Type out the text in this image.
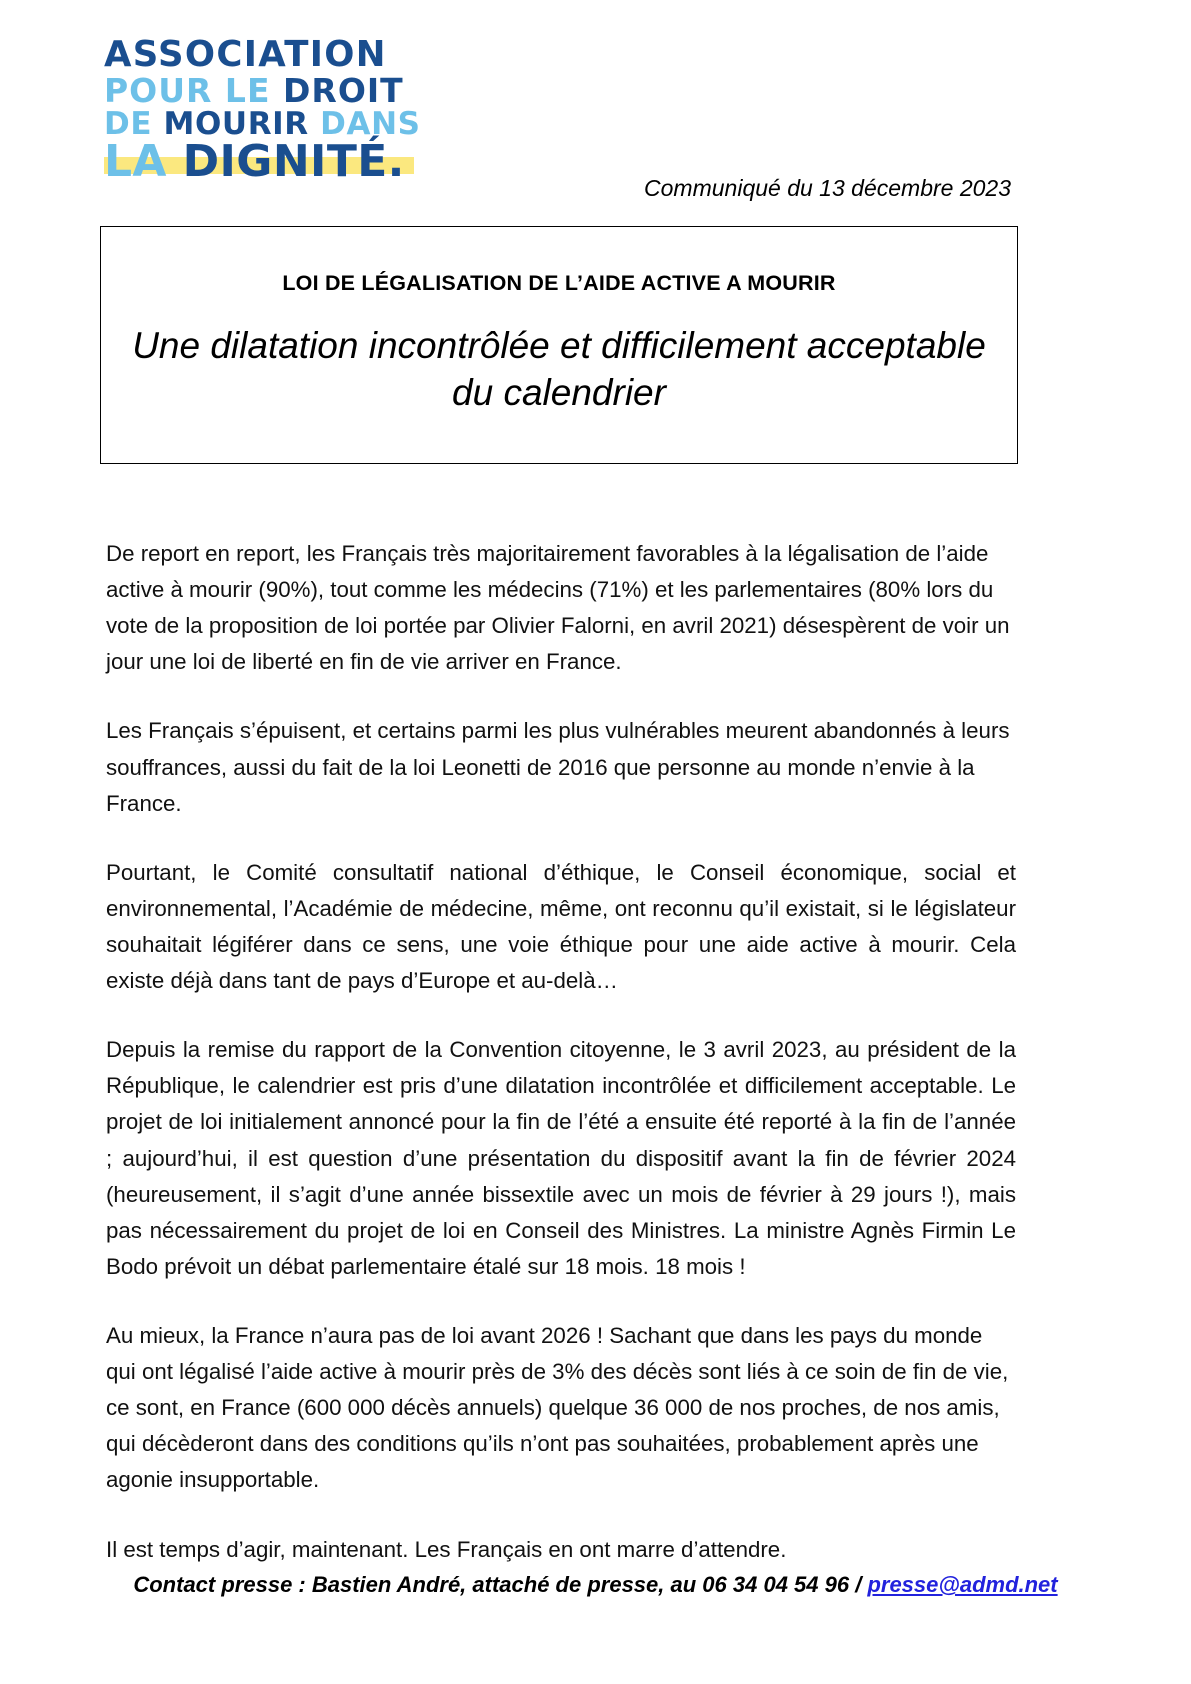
ASSOCIATION
POUR LE DROIT
DE MOURIR DANS
LA DIGNITÉ.
Communiqué du 13 décembre 2023
LOI DE LÉGALISATION DE L’AIDE ACTIVE A MOURIR
Une dilatation incontrôlée et difficilement acceptable du calendrier

De report en report, les Français très majoritairement favorables à la légalisation de l’aide active à mourir (90%), tout comme les médecins (71%) et les parlementaires (80% lors du vote de la proposition de loi portée par Olivier Falorni, en avril 2021) désespèrent de voir un jour une loi de liberté en fin de vie arriver en France.

Les Français s’épuisent, et certains parmi les plus vulnérables meurent abandonnés à leurs souffrances, aussi du fait de la loi Leonetti de 2016 que personne au monde n’envie à la France.

Pourtant, le Comité consultatif national d’éthique, le Conseil économique, social et environnemental, l’Académie de médecine, même, ont reconnu qu’il existait, si le législateur souhaitait légiférer dans ce sens, une voie éthique pour une aide active à mourir. Cela existe déjà dans tant de pays d’Europe et au-delà…

Depuis la remise du rapport de la Convention citoyenne, le 3 avril 2023, au président de la République, le calendrier est pris d’une dilatation incontrôlée et difficilement acceptable. Le projet de loi initialement annoncé pour la fin de l’été a ensuite été reporté à la fin de l’année ; aujourd’hui, il est question d’une présentation du dispositif avant la fin de février 2024 (heureusement, il s’agit d’une année bissextile avec un mois de février à 29 jours !), mais pas nécessairement du projet de loi en Conseil des Ministres. La ministre Agnès Firmin Le Bodo prévoit un débat parlementaire étalé sur 18 mois. 18 mois !

Au mieux, la France n’aura pas de loi avant 2026 ! Sachant que dans les pays du monde qui ont légalisé l’aide active à mourir près de 3% des décès sont liés à ce soin de fin de vie, ce sont, en France (600 000 décès annuels) quelque 36 000 de nos proches, de nos amis, qui décèderont dans des conditions qu’ils n’ont pas souhaitées, probablement après une agonie insupportable.

Il est temps d’agir, maintenant. Les Français en ont marre d’attendre.

Contact presse : Bastien André, attaché de presse, au 06 34 04 54 96 / presse@admd.net
